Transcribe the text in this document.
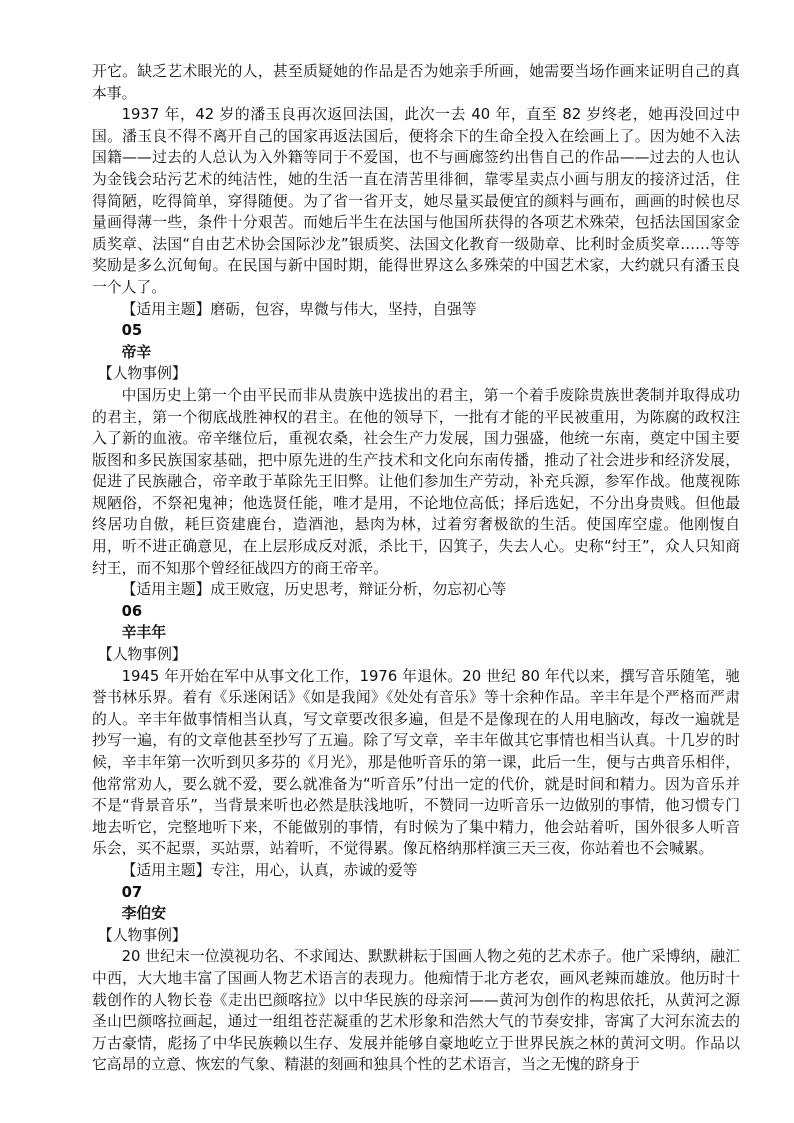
开它。缺乏艺术眼光的人，甚至质疑她的作品是否为她亲手所画，她需要当场作画来证明自己的真本事。

1937 年，42 岁的潘玉良再次返回法国，此次一去 40 年，直至 82 岁终老，她再没回过中国。潘玉良不得不离开自己的国家再返法国后，便将余下的生命全投入在绘画上了。因为她不入法国籍——过去的人总认为入外籍等同于不爱国，也不与画廊签约出售自己的作品——过去的人也认为金钱会玷污艺术的纯洁性，她的生活一直在清苦里徘徊，靠零星卖点小画与朋友的接济过活，住得简陋，吃得简单，穿得随便。为了省一省开支，她尽量买最便宜的颜料与画布，画画的时候也尽量画得薄一些，条件十分艰苦。而她后半生在法国与他国所获得的各项艺术殊荣，包括法国国家金质奖章、法国“自由艺术协会国际沙龙”银质奖、法国文化教育一级勋章、比利时金质奖章……等等奖励是多么沉甸甸。在民国与新中国时期，能得世界这么多殊荣的中国艺术家，大约就只有潘玉良一个人了。

【适用主题】磨砺，包容，卑微与伟大，坚持，自强等

05

帝辛

【人物事例】

中国历史上第一个由平民而非从贵族中选拔出的君主，第一个着手废除贵族世袭制并取得成功的君主，第一个彻底战胜神权的君主。在他的领导下，一批有才能的平民被重用，为陈腐的政权注入了新的血液。帝辛继位后，重视农桑，社会生产力发展，国力强盛，他统一东南，奠定中国主要版图和多民族国家基础，把中原先进的生产技术和文化向东南传播，推动了社会进步和经济发展，促进了民族融合，帝辛敢于革除先王旧弊。让他们参加生产劳动，补充兵源，参军作战。他蔑视陈规陋俗，不祭祀鬼神；他选贤任能，唯才是用，不论地位高低；择后选妃，不分出身贵贱。但他最终居功自傲，耗巨资建鹿台，造酒池，悬肉为林，过着穷奢极欲的生活。使国库空虚。他刚愎自用，听不进正确意见，在上层形成反对派，杀比干，囚箕子，失去人心。史称“纣王”，众人只知商纣王，而不知那个曾经征战四方的商王帝辛。

【适用主题】成王败寇，历史思考，辩证分析，勿忘初心等

06

辛丰年

【人物事例】

1945 年开始在军中从事文化工作，1976 年退休。20 世纪 80 年代以来，撰写音乐随笔，驰誉书林乐界。着有《乐迷闲话》《如是我闻》《处处有音乐》等十余种作品。辛丰年是个严格而严肃的人。辛丰年做事情相当认真，写文章要改很多遍，但是不是像现在的人用电脑改，每改一遍就是抄写一遍，有的文章他甚至抄写了五遍。除了写文章，辛丰年做其它事情也相当认真。十几岁的时候，辛丰年第一次听到贝多芬的《月光》，那是他听音乐的第一课，此后一生，便与古典音乐相伴，他常常劝人，要么就不爱，要么就准备为“听音乐”付出一定的代价，就是时间和精力。因为音乐并不是“背景音乐”，当背景来听也必然是肤浅地听，不赞同一边听音乐一边做别的事情，他习惯专门地去听它，完整地听下来，不能做别的事情，有时候为了集中精力，他会站着听，国外很多人听音乐会，买不起票，买站票，站着听，不觉得累。像瓦格纳那样演三天三夜，你站着也不会喊累。

【适用主题】专注，用心，认真，赤诚的爱等

07

李伯安

【人物事例】

20 世纪末一位漠视功名、不求闻达、默默耕耘于国画人物之苑的艺术赤子。他广采博纳，融汇中西，大大地丰富了国画人物艺术语言的表现力。他痴情于北方老农，画风老辣而雄放。他历时十载创作的人物长卷《走出巴颜喀拉》以中华民族的母亲河——黄河为创作的构思依托，从黄河之源圣山巴颜喀拉画起，通过一组组苍茫凝重的艺术形象和浩然大气的节奏安排，寄寓了大河东流去的万古豪情，彪扬了中华民族赖以生存、发展并能够自豪地屹立于世界民族之林的黄河文明。作品以它高昂的立意、恢宏的气象、精湛的刻画和独具个性的艺术语言，当之无愧的跻身于
